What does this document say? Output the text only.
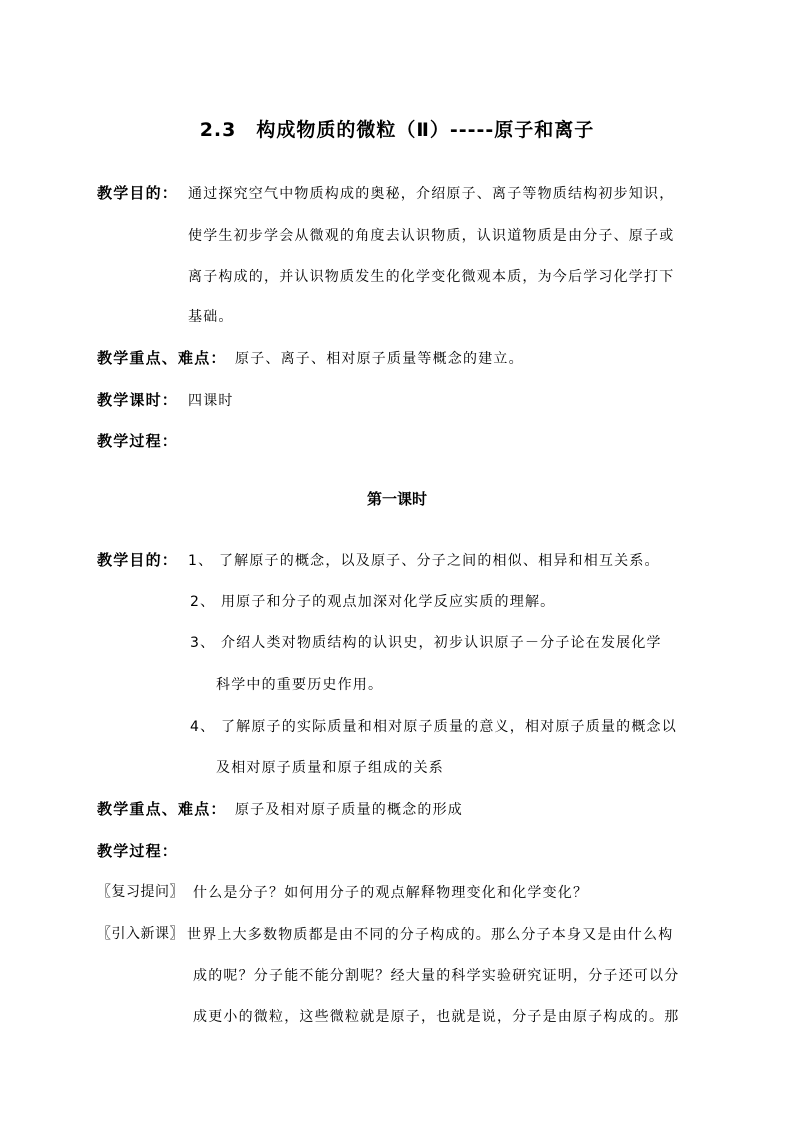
2.3　构成物质的微粒（Ⅱ）-----原子和离子
教学目的： 通过探究空气中物质构成的奥秘，介绍原子、离子等物质结构初步知识，
使学生初步学会从微观的角度去认识物质，认识道物质是由分子、原子或
离子构成的，并认识物质发生的化学变化微观本质，为今后学习化学打下
基础。
教学重点、难点： 原子、离子、相对原子质量等概念的建立。
教学课时： 四课时
教学过程：
第一课时
教学目的： 1、 了解原子的概念，以及原子、分子之间的相似、相异和相互关系。
2、 用原子和分子的观点加深对化学反应实质的理解。
3、 介绍人类对物质结构的认识史，初步认识原子－分子论在发展化学
科学中的重要历史作用。
4、 了解原子的实际质量和相对原子质量的意义，相对原子质量的概念以
及相对原子质量和原子组成的关系
教学重点、难点： 原子及相对原子质量的概念的形成
教学过程：
〖复习提问〗 什么是分子？如何用分子的观点解释物理变化和化学变化？
〖引入新课〗 世界上大多数物质都是由不同的分子构成的。那么分子本身又是由什么构
成的呢？分子能不能分割呢？经大量的科学实验研究证明，分子还可以分
成更小的微粒，这些微粒就是原子，也就是说，分子是由原子构成的。那
